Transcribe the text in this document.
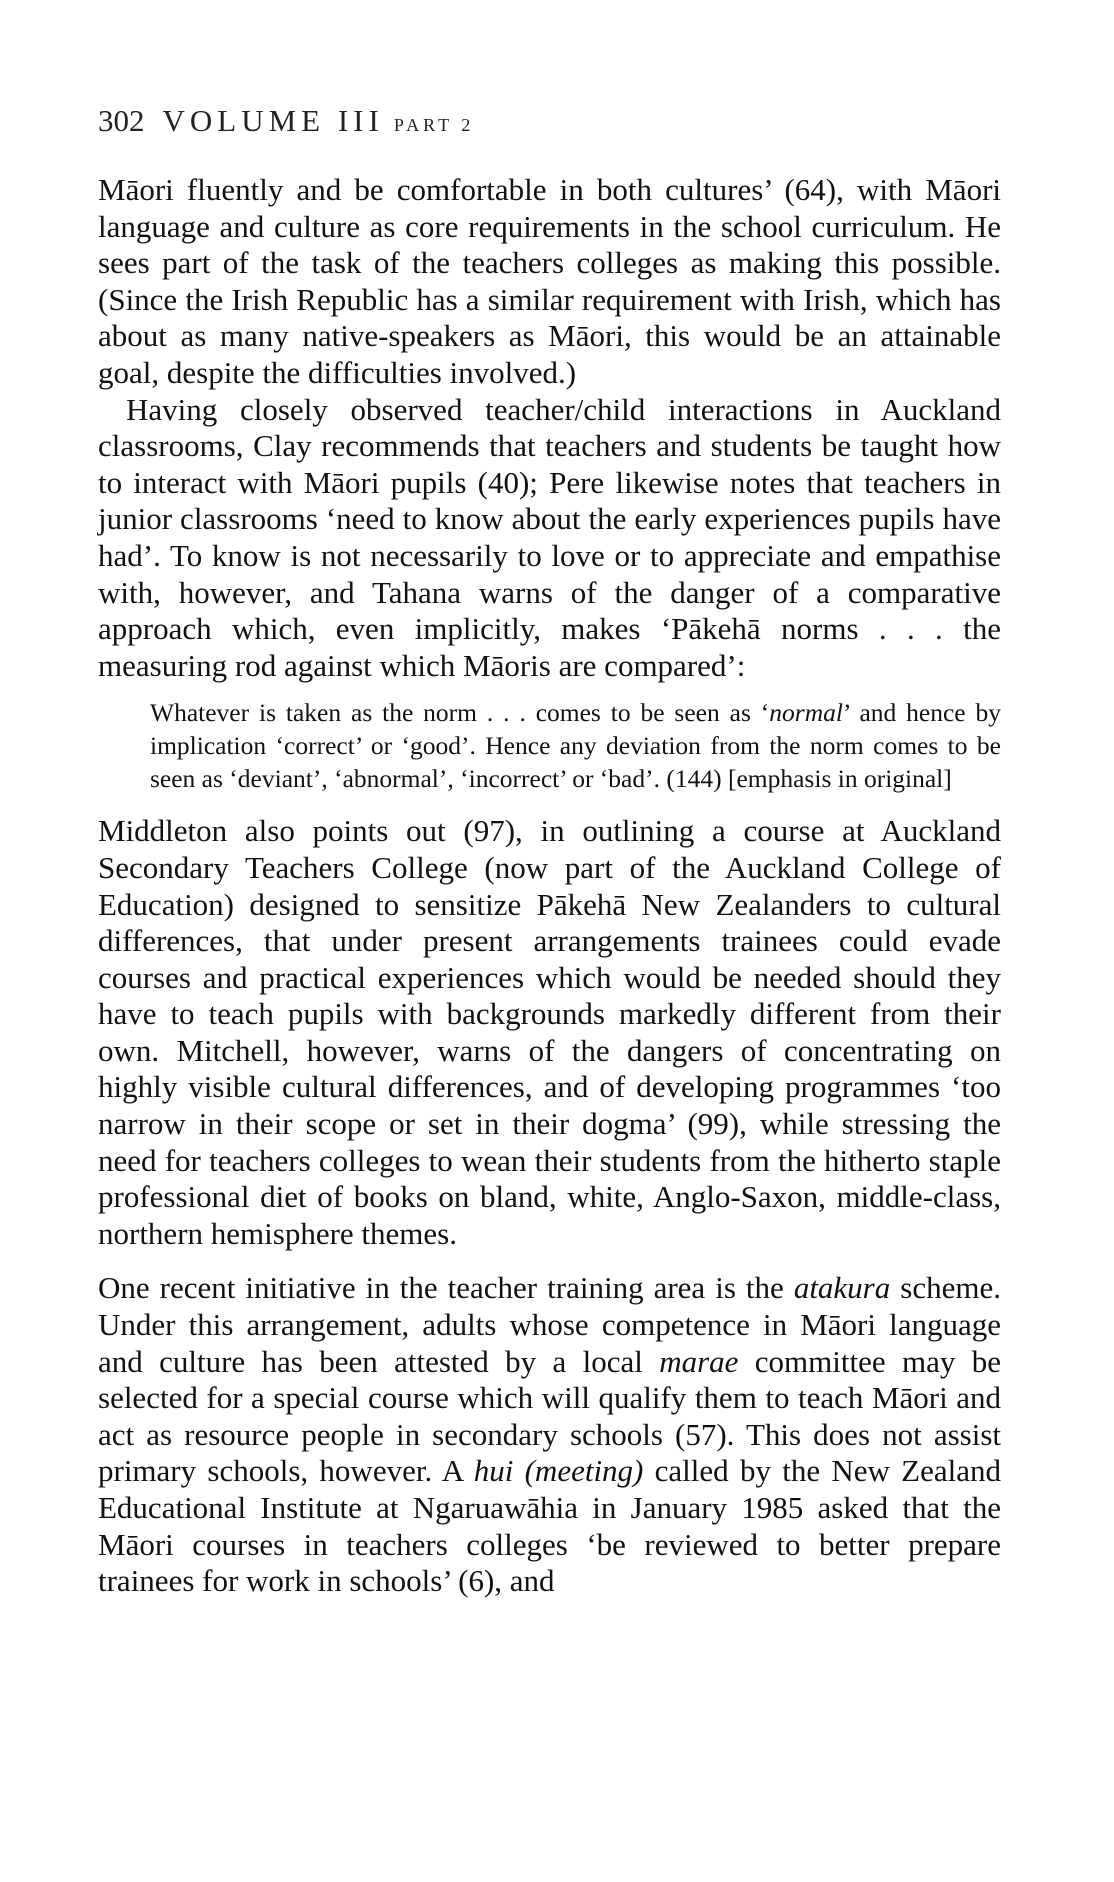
302 VOLUME III PART 2

Māori fluently and be comfortable in both cultures’ (64), with Māori language and culture as core requirements in the school curriculum. He sees part of the task of the teachers colleges as making this possible. (Since the Irish Republic has a similar requirement with Irish, which has about as many native-speakers as Māori, this would be an attainable goal, despite the difficulties involved.)

Having closely observed teacher/child interactions in Auckland classrooms, Clay recommends that teachers and students be taught how to interact with Māori pupils (40); Pere likewise notes that teachers in junior classrooms ‘need to know about the early experiences pupils have had’. To know is not necessarily to love or to appreciate and empathise with, however, and Tahana warns of the danger of a comparative approach which, even implicitly, makes ‘Pākehā norms . . . the measuring rod against which Māoris are compared’:

Whatever is taken as the norm . . . comes to be seen as ‘normal’ and hence by implication ‘correct’ or ‘good’. Hence any deviation from the norm comes to be seen as ‘deviant’, ‘abnormal’, ‘incorrect’ or ‘bad’. (144) [emphasis in original]

Middleton also points out (97), in outlining a course at Auckland Secondary Teachers College (now part of the Auckland College of Education) designed to sensitize Pākehā New Zealanders to cultural differences, that under present arrangements trainees could evade courses and practical experiences which would be needed should they have to teach pupils with backgrounds markedly different from their own. Mitchell, however, warns of the dangers of concentrating on highly visible cultural differences, and of developing programmes ‘too narrow in their scope or set in their dogma’ (99), while stressing the need for teachers colleges to wean their students from the hitherto staple professional diet of books on bland, white, Anglo-Saxon, middle-class, northern hemisphere themes.

One recent initiative in the teacher training area is the atakura scheme. Under this arrangement, adults whose competence in Māori language and culture has been attested by a local marae committee may be selected for a special course which will qualify them to teach Māori and act as resource people in secondary schools (57). This does not assist primary schools, however. A hui (meeting) called by the New Zealand Educational Institute at Ngaruawāhia in January 1985 asked that the Māori courses in teachers colleges ‘be reviewed to better prepare trainees for work in schools’ (6), and
